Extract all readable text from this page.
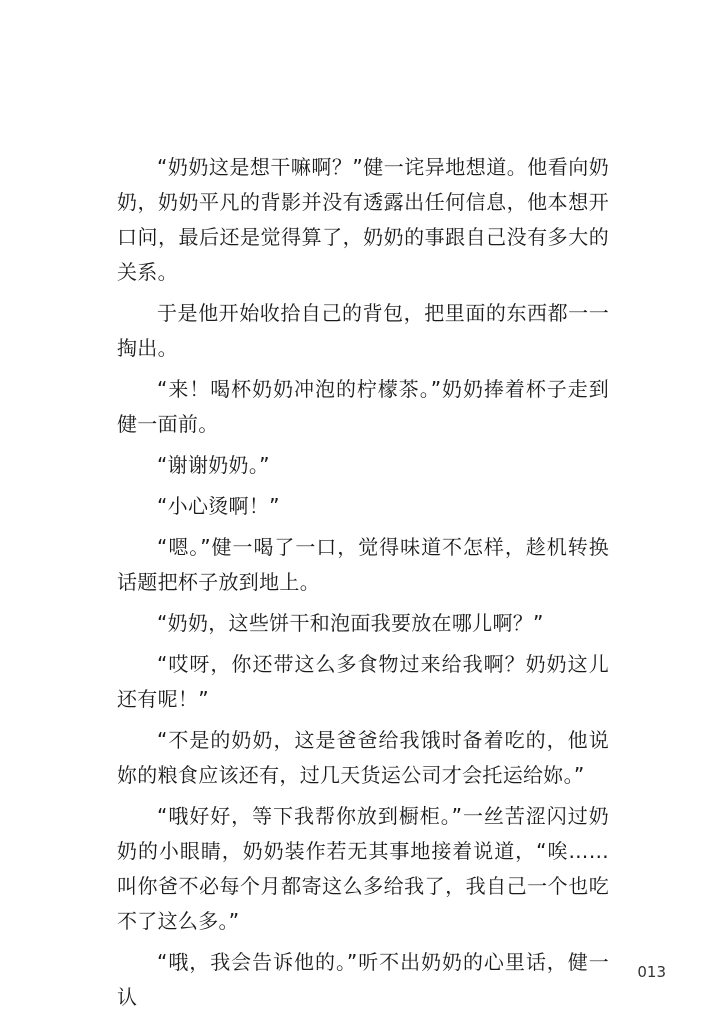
“奶奶这是想干嘛啊？”健一诧异地想道。他看向奶奶，奶奶平凡的背影并没有透露出任何信息，他本想开口问，最后还是觉得算了，奶奶的事跟自己没有多大的关系。

于是他开始收拾自己的背包，把里面的东西都一一掏出。

“来！喝杯奶奶冲泡的柠檬茶。”奶奶捧着杯子走到健一面前。

“谢谢奶奶。”

“小心烫啊！”

“嗯。”健一喝了一口，觉得味道不怎样，趁机转换话题把杯子放到地上。

“奶奶，这些饼干和泡面我要放在哪儿啊？”

“哎呀，你还带这么多食物过来给我啊？奶奶这儿还有呢！”

“不是的奶奶，这是爸爸给我饿时备着吃的，他说妳的粮食应该还有，过几天货运公司才会托运给妳。”

“哦好好，等下我帮你放到橱柜。”一丝苦涩闪过奶奶的小眼睛，奶奶装作若无其事地接着说道，“唉……叫你爸不必每个月都寄这么多给我了，我自己一个也吃不了这么多。”

“哦，我会告诉他的。”听不出奶奶的心里话，健一认

013
